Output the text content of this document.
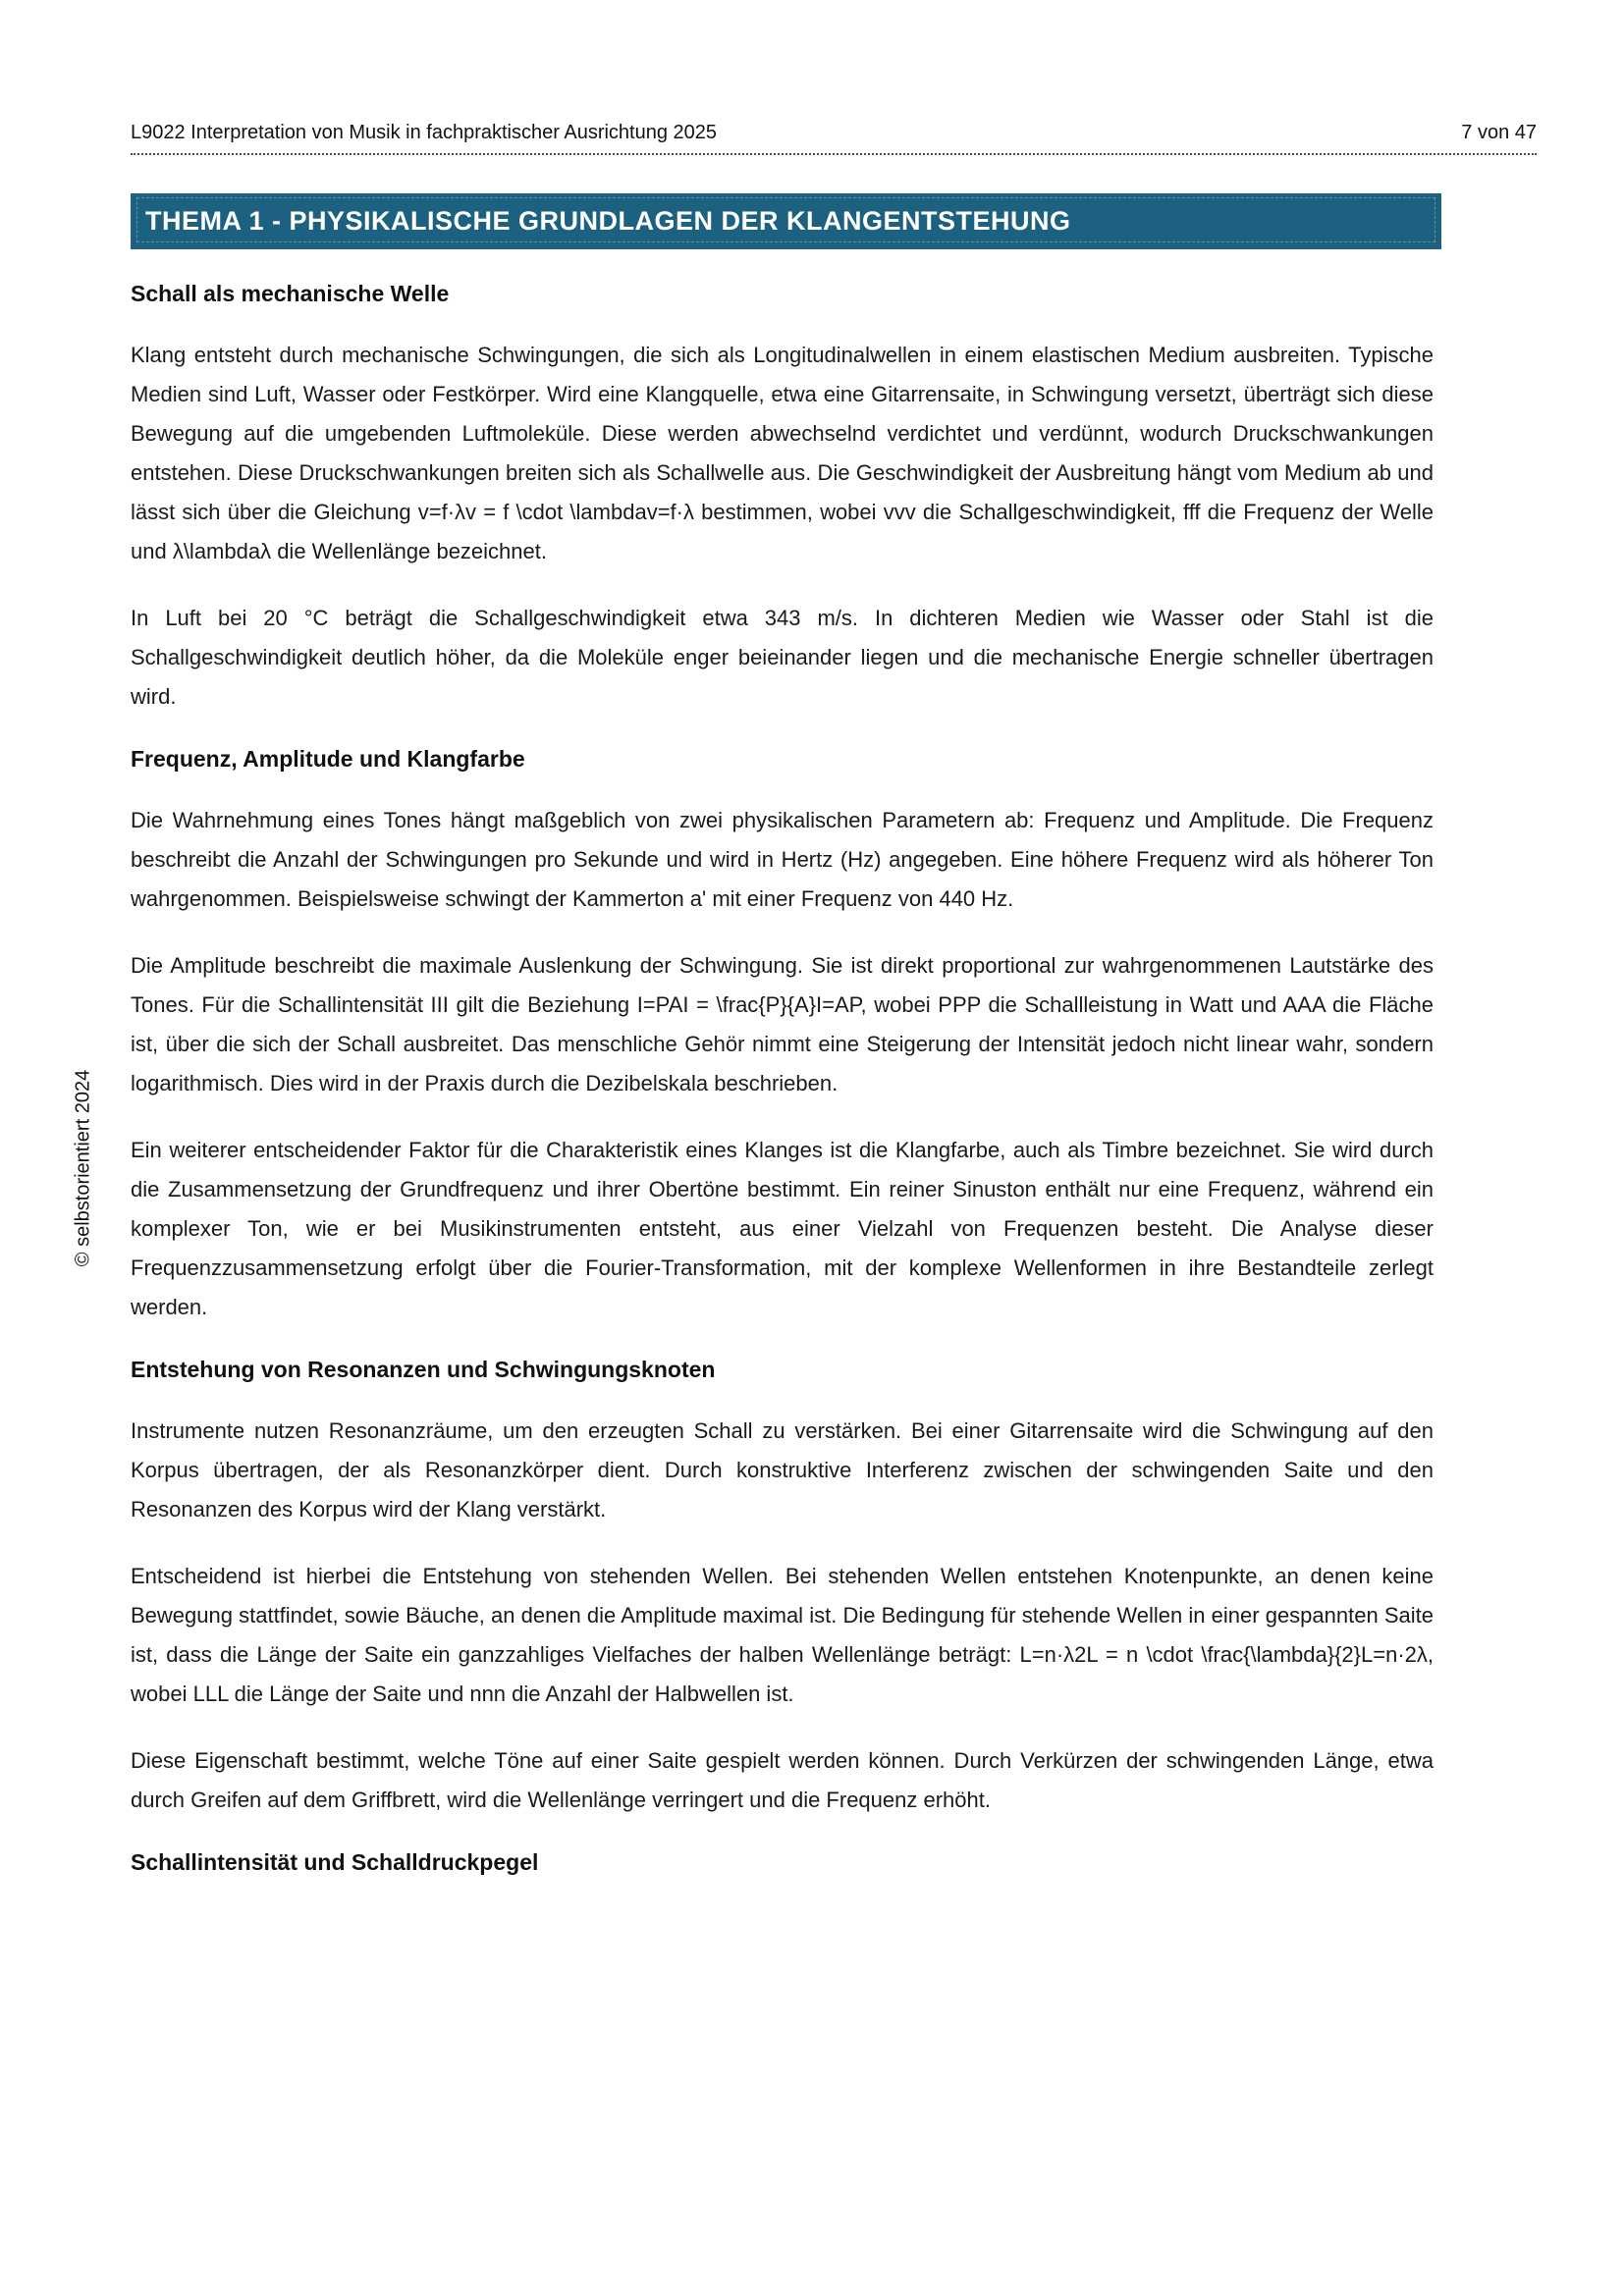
L9022 Interpretation von Musik in fachpraktischer Ausrichtung 2025	7 von 47
THEMA 1 - PHYSIKALISCHE GRUNDLAGEN DER KLANGENTSTEHUNG
© selbstorientiert 2024
Schall als mechanische Welle

Klang entsteht durch mechanische Schwingungen, die sich als Longitudinalwellen in einem elastischen Medium ausbreiten. Typische Medien sind Luft, Wasser oder Festkörper. Wird eine Klangquelle, etwa eine Gitarrensaite, in Schwingung versetzt, überträgt sich diese Bewegung auf die umgebenden Luftmoleküle. Diese werden abwechselnd verdichtet und verdünnt, wodurch Druckschwankungen entstehen. Diese Druckschwankungen breiten sich als Schallwelle aus. Die Geschwindigkeit der Ausbreitung hängt vom Medium ab und lässt sich über die Gleichung v=f·λv = f \cdot \lambdav=f·λ bestimmen, wobei vvv die Schallgeschwindigkeit, fff die Frequenz der Welle und λ\lambdaλ die Wellenlänge bezeichnet.

In Luft bei 20 °C beträgt die Schallgeschwindigkeit etwa 343 m/s. In dichteren Medien wie Wasser oder Stahl ist die Schallgeschwindigkeit deutlich höher, da die Moleküle enger beieinander liegen und die mechanische Energie schneller übertragen wird.

Frequenz, Amplitude und Klangfarbe

Die Wahrnehmung eines Tones hängt maßgeblich von zwei physikalischen Parametern ab: Frequenz und Amplitude. Die Frequenz beschreibt die Anzahl der Schwingungen pro Sekunde und wird in Hertz (Hz) angegeben. Eine höhere Frequenz wird als höherer Ton wahrgenommen. Beispielsweise schwingt der Kammerton a' mit einer Frequenz von 440 Hz.

Die Amplitude beschreibt die maximale Auslenkung der Schwingung. Sie ist direkt proportional zur wahrgenommenen Lautstärke des Tones. Für die Schallintensität III gilt die Beziehung I=PAI = \frac{P}{A}I=AP, wobei PPP die Schallleistung in Watt und AAA die Fläche ist, über die sich der Schall ausbreitet. Das menschliche Gehör nimmt eine Steigerung der Intensität jedoch nicht linear wahr, sondern logarithmisch. Dies wird in der Praxis durch die Dezibelskala beschrieben.

Ein weiterer entscheidender Faktor für die Charakteristik eines Klanges ist die Klangfarbe, auch als Timbre bezeichnet. Sie wird durch die Zusammensetzung der Grundfrequenz und ihrer Obertöne bestimmt. Ein reiner Sinuston enthält nur eine Frequenz, während ein komplexer Ton, wie er bei Musikinstrumenten entsteht, aus einer Vielzahl von Frequenzen besteht. Die Analyse dieser Frequenzzusammensetzung erfolgt über die Fourier-Transformation, mit der komplexe Wellenformen in ihre Bestandteile zerlegt werden.

Entstehung von Resonanzen und Schwingungsknoten

Instrumente nutzen Resonanzräume, um den erzeugten Schall zu verstärken. Bei einer Gitarrensaite wird die Schwingung auf den Korpus übertragen, der als Resonanzkörper dient. Durch konstruktive Interferenz zwischen der schwingenden Saite und den Resonanzen des Korpus wird der Klang verstärkt.

Entscheidend ist hierbei die Entstehung von stehenden Wellen. Bei stehenden Wellen entstehen Knotenpunkte, an denen keine Bewegung stattfindet, sowie Bäuche, an denen die Amplitude maximal ist. Die Bedingung für stehende Wellen in einer gespannten Saite ist, dass die Länge der Saite ein ganzzahliges Vielfaches der halben Wellenlänge beträgt: L=n·λ2L = n \cdot \frac{\lambda}{2}L=n·2λ, wobei LLL die Länge der Saite und nnn die Anzahl der Halbwellen ist.

Diese Eigenschaft bestimmt, welche Töne auf einer Saite gespielt werden können. Durch Verkürzen der schwingenden Länge, etwa durch Greifen auf dem Griffbrett, wird die Wellenlänge verringert und die Frequenz erhöht.

Schallintensität und Schalldruckpegel
